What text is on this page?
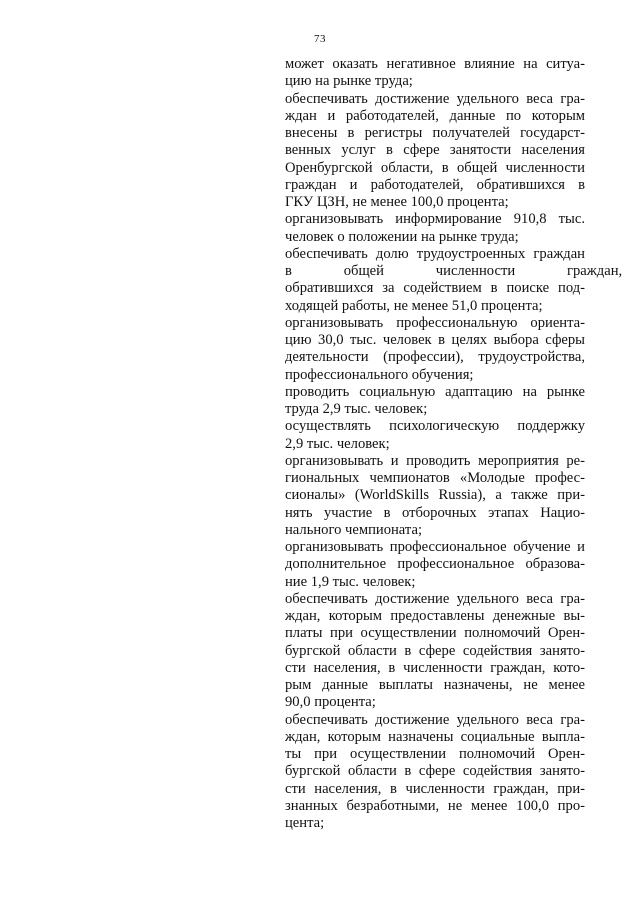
73
может оказать негативное влияние на ситуа-
цию на рынке труда;
обеспечивать достижение удельного веса гра-
ждан и работодателей, данные по которым
внесены в регистры получателей государст-
венных услуг в сфере занятости населения
Оренбургской области, в общей численности
граждан и работодателей, обратившихся в
ГКУ ЦЗН, не менее 100,0 процента;
организовывать информирование 910,8 тыс.
человек о положении на рынке труда;
обеспечивать долю трудоустроенных граждан
в общей численности граждан,
обратившихся за содействием в поиске под-
ходящей работы, не менее 51,0 процента;
организовывать профессиональную ориента-
цию 30,0 тыс. человек в целях выбора сферы
деятельности (профессии), трудоустройства,
профессионального обучения;
проводить социальную адаптацию на рынке
труда 2,9 тыс. человек;
осуществлять психологическую поддержку
2,9 тыс. человек;
организовывать и проводить мероприятия ре-
гиональных чемпионатов «Молодые профес-
сионалы» (WorldSkills Russia), а также при-
нять участие в отборочных этапах Нацио-
нального чемпионата;
организовывать профессиональное обучение и
дополнительное профессиональное образова-
ние 1,9 тыс. человек;
обеспечивать достижение удельного веса гра-
ждан, которым предоставлены денежные вы-
платы при осуществлении полномочий Орен-
бургской области в сфере содействия занято-
сти населения, в численности граждан, кото-
рым данные выплаты назначены, не менее
90,0 процента;
обеспечивать достижение удельного веса гра-
ждан, которым назначены социальные выпла-
ты при осуществлении полномочий Орен-
бургской области в сфере содействия занято-
сти населения, в численности граждан, при-
знанных безработными, не менее 100,0 про-
цента;
